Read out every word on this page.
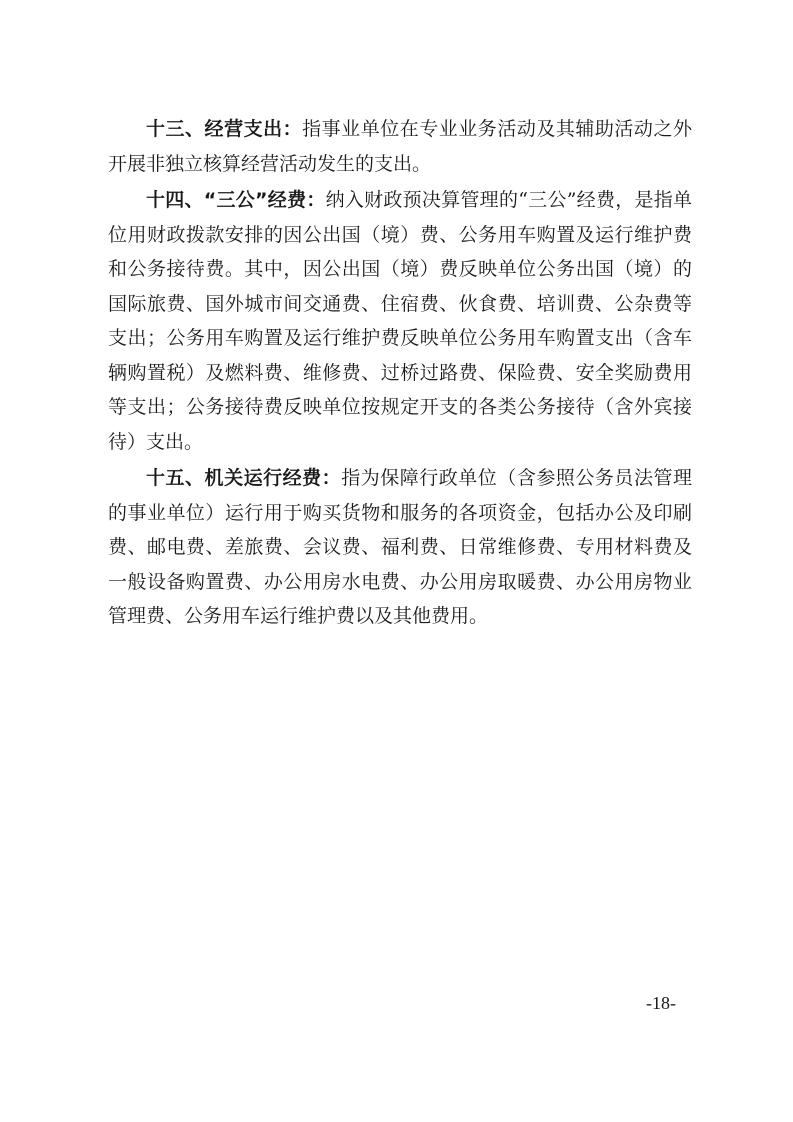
十三、经营支出：指事业单位在专业业务活动及其辅助活动之外开展非独立核算经营活动发生的支出。

十四、“三公”经费：纳入财政预决算管理的“三公”经费，是指单位用财政拨款安排的因公出国（境）费、公务用车购置及运行维护费和公务接待费。其中，因公出国（境）费反映单位公务出国（境）的国际旅费、国外城市间交通费、住宿费、伙食费、培训费、公杂费等支出；公务用车购置及运行维护费反映单位公务用车购置支出（含车辆购置税）及燃料费、维修费、过桥过路费、保险费、安全奖励费用等支出；公务接待费反映单位按规定开支的各类公务接待（含外宾接待）支出。

十五、机关运行经费：指为保障行政单位（含参照公务员法管理的事业单位）运行用于购买货物和服务的各项资金，包括办公及印刷费、邮电费、差旅费、会议费、福利费、日常维修费、专用材料费及一般设备购置费、办公用房水电费、办公用房取暖费、办公用房物业管理费、公务用车运行维护费以及其他费用。

-18-
